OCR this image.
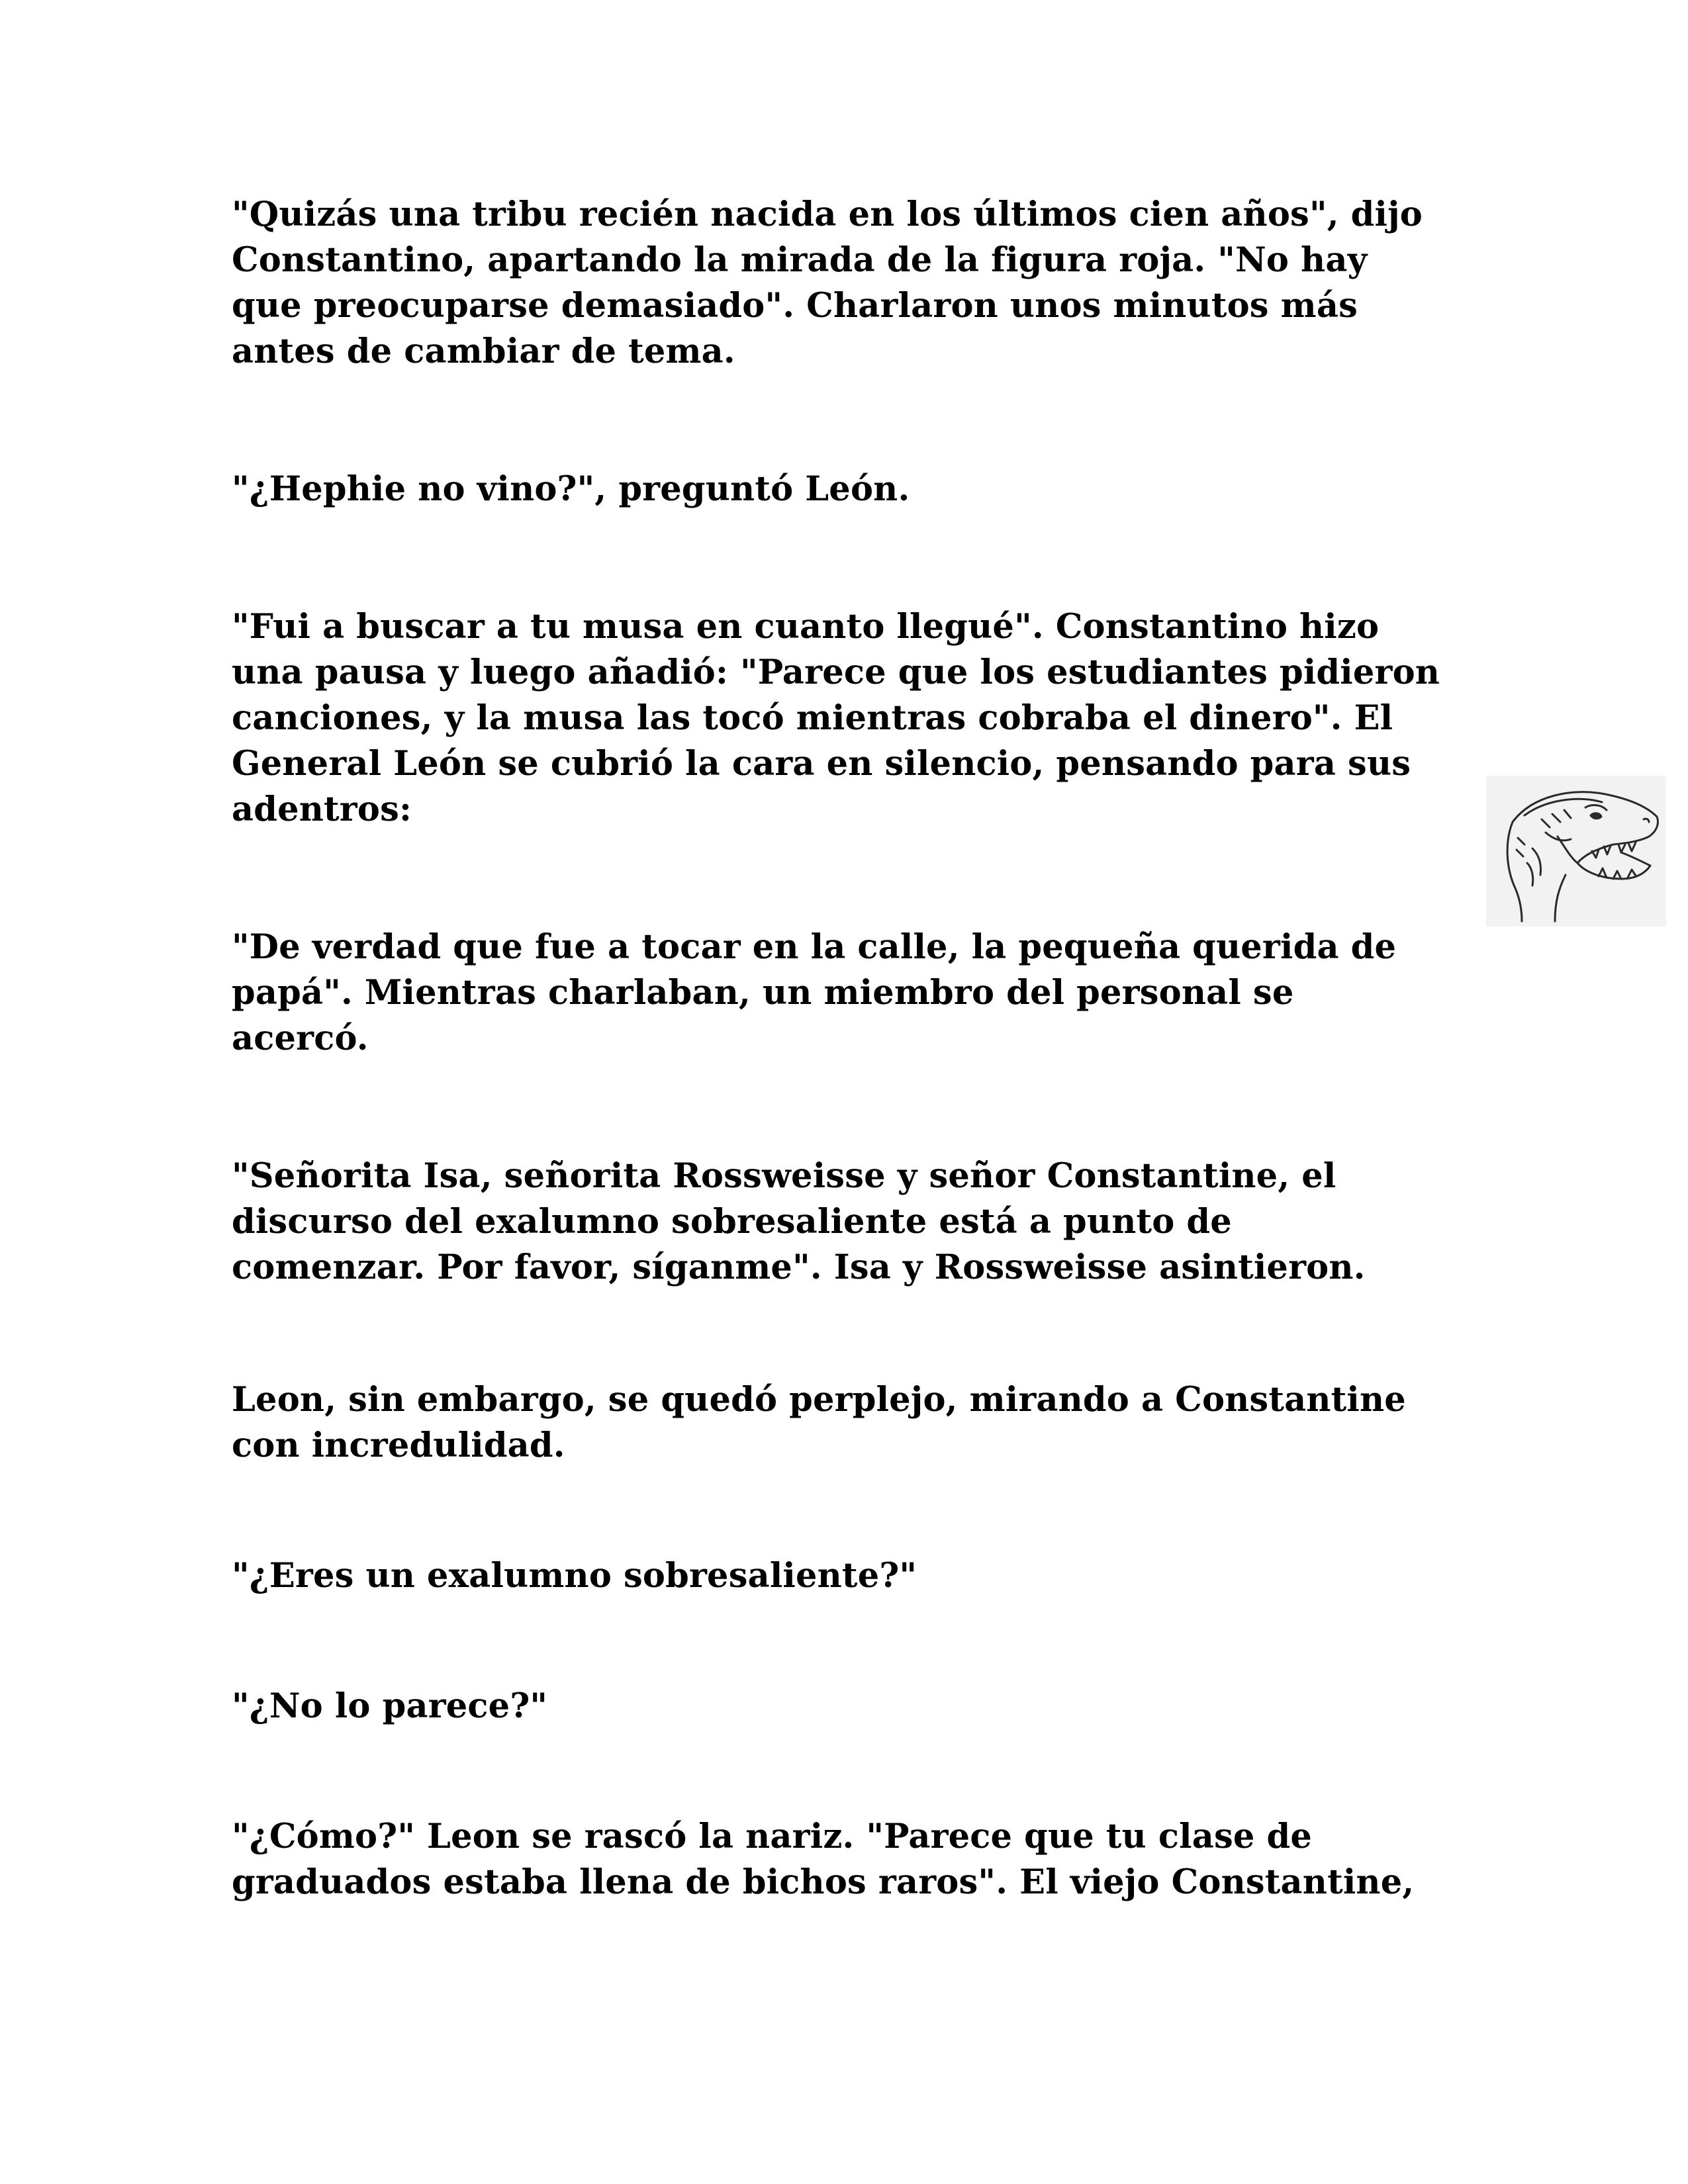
"Quizás una tribu recién nacida en los últimos cien años", dijo
Constantino, apartando la mirada de la figura roja. "No hay
que preocuparse demasiado". Charlaron unos minutos más
antes de cambiar de tema.

"¿Hephie no vino?", preguntó León.

"Fui a buscar a tu musa en cuanto llegué". Constantino hizo
una pausa y luego añadió: "Parece que los estudiantes pidieron
canciones, y la musa las tocó mientras cobraba el dinero". El
General León se cubrió la cara en silencio, pensando para sus
adentros:

"De verdad que fue a tocar en la calle, la pequeña querida de
papá". Mientras charlaban, un miembro del personal se
acercó.

"Señorita Isa, señorita Rossweisse y señor Constantine, el
discurso del exalumno sobresaliente está a punto de
comenzar. Por favor, síganme". Isa y Rossweisse asintieron.

Leon, sin embargo, se quedó perplejo, mirando a Constantine
con incredulidad.

"¿Eres un exalumno sobresaliente?"

"¿No lo parece?"

"¿Cómo?" Leon se rascó la nariz. "Parece que tu clase de
graduados estaba llena de bichos raros". El viejo Constantine,
